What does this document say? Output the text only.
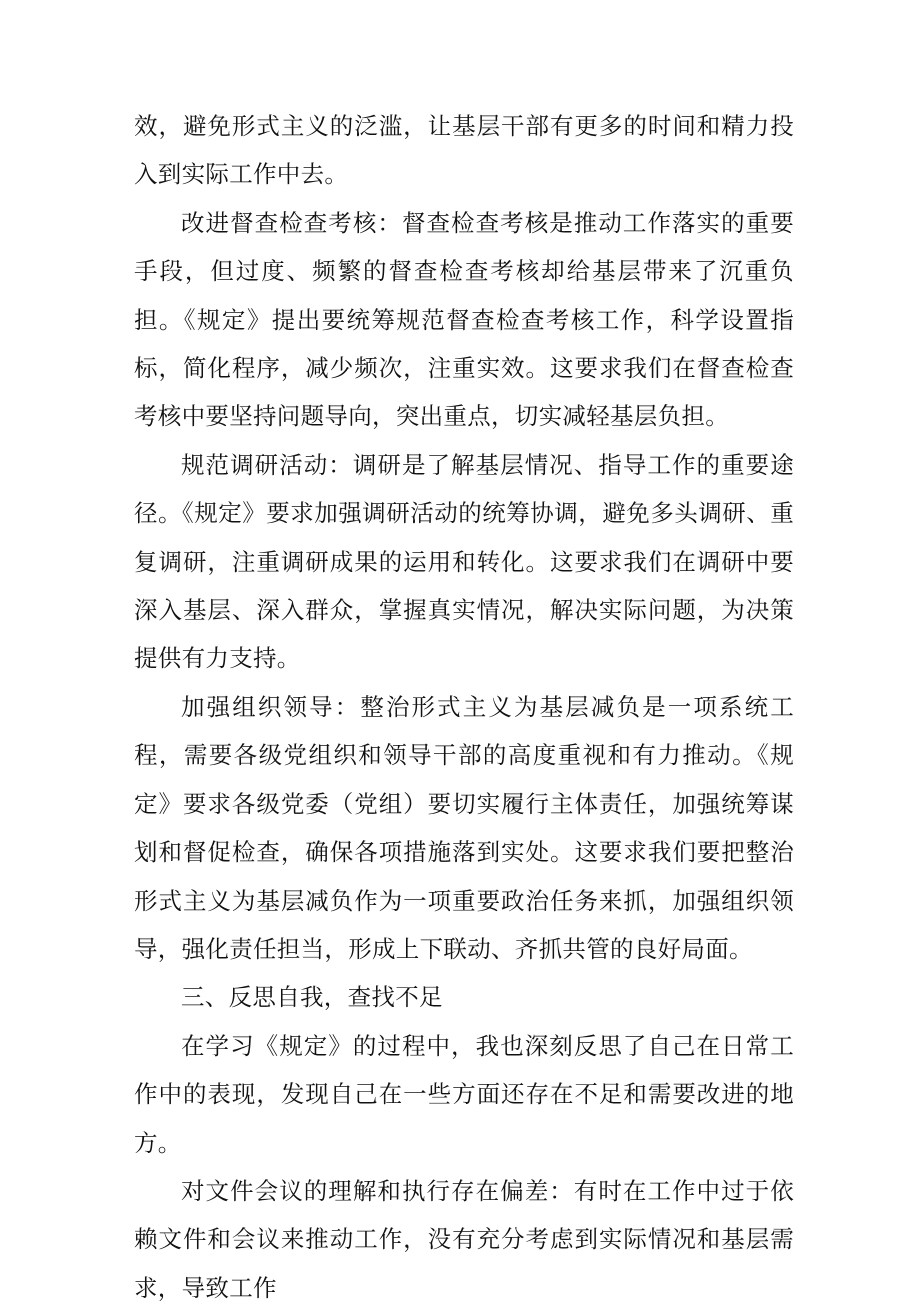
效，避免形式主义的泛滥，让基层干部有更多的时间和精力投入到实际工作中去。

改进督查检查考核：督查检查考核是推动工作落实的重要手段，但过度、频繁的督查检查考核却给基层带来了沉重负担。《规定》提出要统筹规范督查检查考核工作，科学设置指标，简化程序，减少频次，注重实效。这要求我们在督查检查考核中要坚持问题导向，突出重点，切实减轻基层负担。

规范调研活动：调研是了解基层情况、指导工作的重要途径。《规定》要求加强调研活动的统筹协调，避免多头调研、重复调研，注重调研成果的运用和转化。这要求我们在调研中要深入基层、深入群众，掌握真实情况，解决实际问题，为决策提供有力支持。

加强组织领导：整治形式主义为基层减负是一项系统工程，需要各级党组织和领导干部的高度重视和有力推动。《规定》要求各级党委（党组）要切实履行主体责任，加强统筹谋划和督促检查，确保各项措施落到实处。这要求我们要把整治形式主义为基层减负作为一项重要政治任务来抓，加强组织领导，强化责任担当，形成上下联动、齐抓共管的良好局面。

三、反思自我，查找不足

在学习《规定》的过程中，我也深刻反思了自己在日常工作中的表现，发现自己在一些方面还存在不足和需要改进的地方。

对文件会议的理解和执行存在偏差：有时在工作中过于依赖文件和会议来推动工作，没有充分考虑到实际情况和基层需求，导致工作
